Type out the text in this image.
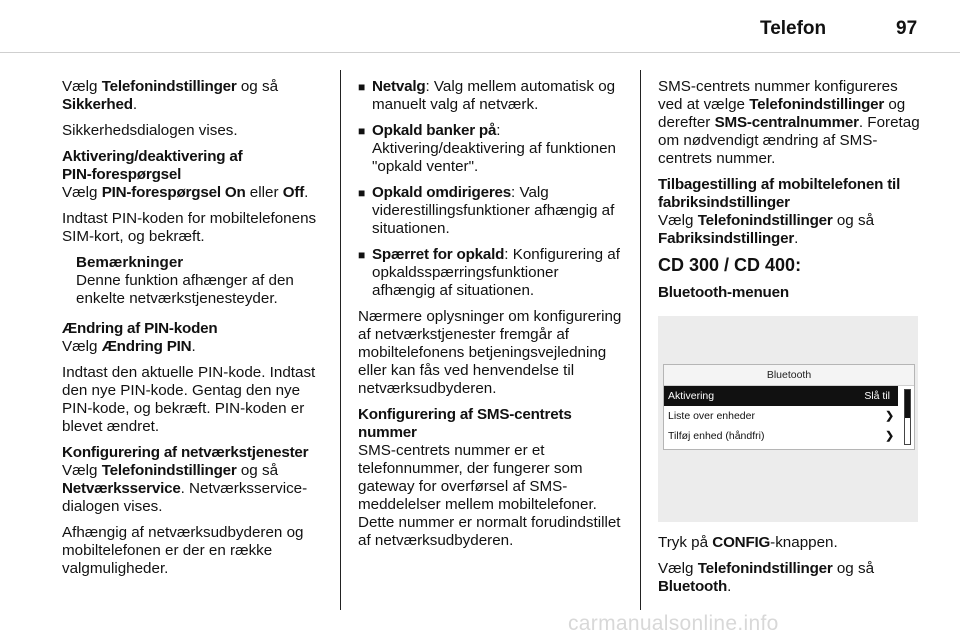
Telefon	97

Vælg Telefonindstillinger og så
Sikkerhed.

Sikkerhedsdialogen vises.

Aktivering/deaktivering af
PIN-forespørgsel

Vælg PIN-forespørgsel On eller Off.

Indtast PIN-koden for mobiltelefonens SIM-kort, og bekræft.

Bemærkninger
Denne funktion afhænger af den enkelte netværkstjenesteyder.

Ændring af PIN-koden

Vælg Ændring PIN.

Indtast den aktuelle PIN-kode. Indtast den nye PIN-kode. Gentag den nye PIN-kode, og bekræft. PIN-koden er blevet ændret.

Konfigurering af netværkstjenester

Vælg Telefonindstillinger og så
Netværksservice. Netværksservice-dialogen vises.

Afhængig af netværksudbyderen og mobiltelefonen er der en række valgmuligheder.

■ Netvalg: Valg mellem automatisk og manuelt valg af netværk.
■ Opkald banker på: Aktivering/deaktivering af funktionen "opkald venter".
■ Opkald omdirigeres: Valg viderestillingsfunktioner afhængig af situationen.
■ Spærret for opkald: Konfigurering af opkaldsspærringsfunktioner afhængig af situationen.

Nærmere oplysninger om konfigurering af netværkstjenester fremgår af mobiltelefonens betjeningsvejledning eller kan fås ved henvendelse til netværksudbyderen.

Konfigurering af SMS-centrets nummer

SMS-centrets nummer er et telefonnummer, der fungerer som gateway for overførsel af SMS-meddelelser mellem mobiltelefoner. Dette nummer er normalt forudindstillet af netværksudbyderen.

SMS-centrets nummer konfigureres ved at vælge Telefonindstillinger og derefter SMS-centralnummer. Foretag om nødvendigt ændring af SMS-centrets nummer.

Tilbagestilling af mobiltelefonen til fabriksindstillinger

Vælg Telefonindstillinger og så Fabriksindstillinger.

CD 300 / CD 400:

Bluetooth-menuen

Bluetooth
Aktivering	Slå til
Liste over enheder	❯
Tilføj enhed (håndfri)	❯

Tryk på CONFIG-knappen.

Vælg Telefonindstillinger og så
Bluetooth.

carmanualsonline.info
